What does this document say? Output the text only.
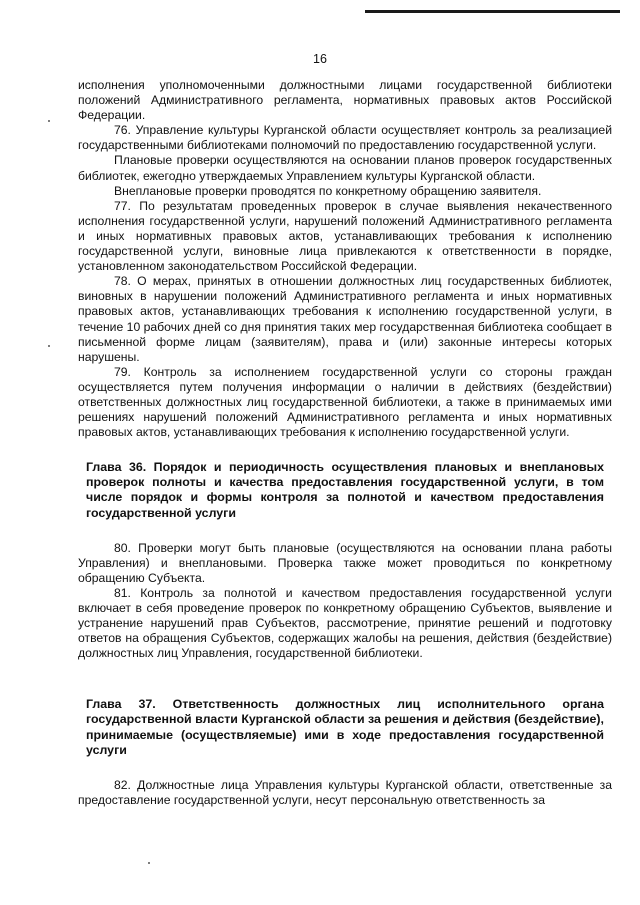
16

исполнения уполномоченными должностными лицами государственной библиотеки положений Административного регламента, нормативных правовых актов Российской Федерации.

76. Управление культуры Курганской области осуществляет контроль за реализацией государственными библиотеками полномочий по предоставлению государственной услуги.

Плановые проверки осуществляются на основании планов проверок государственных библиотек, ежегодно утверждаемых Управлением культуры Курганской области.

Внеплановые проверки проводятся по конкретному обращению заявителя.

77. По результатам проведенных проверок в случае выявления некачественного исполнения государственной услуги, нарушений положений Административного регламента и иных нормативных правовых актов, устанавливающих требования к исполнению государственной услуги, виновные лица привлекаются к ответственности в порядке, установленном законодательством Российской Федерации.

78. О мерах, принятых в отношении должностных лиц государственных библиотек, виновных в нарушении положений Административного регламента и иных нормативных правовых актов, устанавливающих требования к исполнению государственной услуги, в течение 10 рабочих дней со дня принятия таких мер государственная библиотека сообщает в письменной форме лицам (заявителям), права и (или) законные интересы которых нарушены.

79. Контроль за исполнением государственной услуги со стороны граждан осуществляется путем получения информации о наличии в действиях (бездействии) ответственных должностных лиц государственной библиотеки, а также в принимаемых ими решениях нарушений положений Административного регламента и иных нормативных правовых актов, устанавливающих требования к исполнению государственной услуги.

Глава 36. Порядок и периодичность осуществления плановых и внеплановых проверок полноты и качества предоставления государственной услуги, в том числе порядок и формы контроля за полнотой и качеством предоставления государственной услуги

80. Проверки могут быть плановые (осуществляются на основании плана работы Управления) и внеплановыми. Проверка также может проводиться по конкретному обращению Субъекта.

81. Контроль за полнотой и качеством предоставления государственной услуги включает в себя проведение проверок по конкретному обращению Субъектов, выявление и устранение нарушений прав Субъектов, рассмотрение, принятие решений и подготовку ответов на обращения Субъектов, содержащих жалобы на решения, действия (бездействие) должностных лиц Управления, государственной библиотеки.

Глава 37. Ответственность должностных лиц исполнительного органа государственной власти Курганской области за решения и действия (бездействие), принимаемые (осуществляемые) ими в ходе предоставления государственной услуги

82. Должностные лица Управления культуры Курганской области, ответственные за предоставление государственной услуги, несут персональную ответственность за
